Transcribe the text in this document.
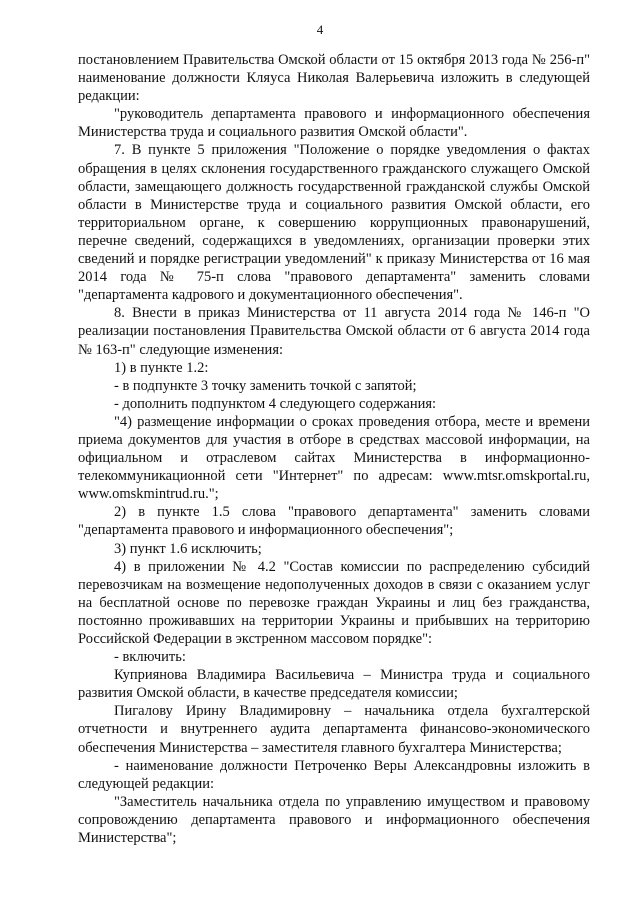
4

постановлением Правительства Омской области от 15 октября 2013 года № 256-п" наименование должности Кляуса Николая Валерьевича изложить в следующей редакции:

"руководитель департамента правового и информационного обеспечения Министерства труда и социального развития Омской области".

7. В пункте 5 приложения "Положение о порядке уведомления о фактах обращения в целях склонения государственного гражданского служащего Омской области, замещающего должность государственной гражданской службы Омской области в Министерстве труда и социального развития Омской области, его территориальном органе, к совершению коррупционных правонарушений, перечне сведений, содержащихся в уведомлениях, организации проверки этих сведений и порядке регистрации уведомлений" к приказу Министерства от 16 мая 2014 года № 75-п слова "правового департамента" заменить словами "департамента кадрового и документационного обеспечения".

8. Внести в приказ Министерства от 11 августа 2014 года № 146-п "О реализации постановления Правительства Омской области от 6 августа 2014 года № 163-п" следующие изменения:

1) в пункте 1.2:

- в подпункте 3 точку заменить точкой с запятой;

- дополнить подпунктом 4 следующего содержания:

"4) размещение информации о сроках проведения отбора, месте и времени приема документов для участия в отборе в средствах массовой информации, на официальном и отраслевом сайтах Министерства в информационно-телекоммуникационной сети "Интернет" по адресам: www.mtsr.omskportal.ru, www.omskmintrud.ru.";

2) в пункте 1.5 слова "правового департамента" заменить словами "департамента правового и информационного обеспечения";

3) пункт 1.6 исключить;

4) в приложении № 4.2 "Состав комиссии по распределению субсидий перевозчикам на возмещение недополученных доходов в связи с оказанием услуг на бесплатной основе по перевозке граждан Украины и лиц без гражданства, постоянно проживавших на территории Украины и прибывших на территорию Российской Федерации в экстренном массовом порядке":

- включить:

Куприянова Владимира Васильевича – Министра труда и социального развития Омской области, в качестве председателя комиссии;

Пигалову Ирину Владимировну – начальника отдела бухгалтерской отчетности и внутреннего аудита департамента финансово-экономического обеспечения Министерства – заместителя главного бухгалтера Министерства;

- наименование должности Петроченко Веры Александровны изложить в следующей редакции:

"Заместитель начальника отдела по управлению имуществом и правовому сопровождению департамента правового и информационного обеспечения Министерства";
